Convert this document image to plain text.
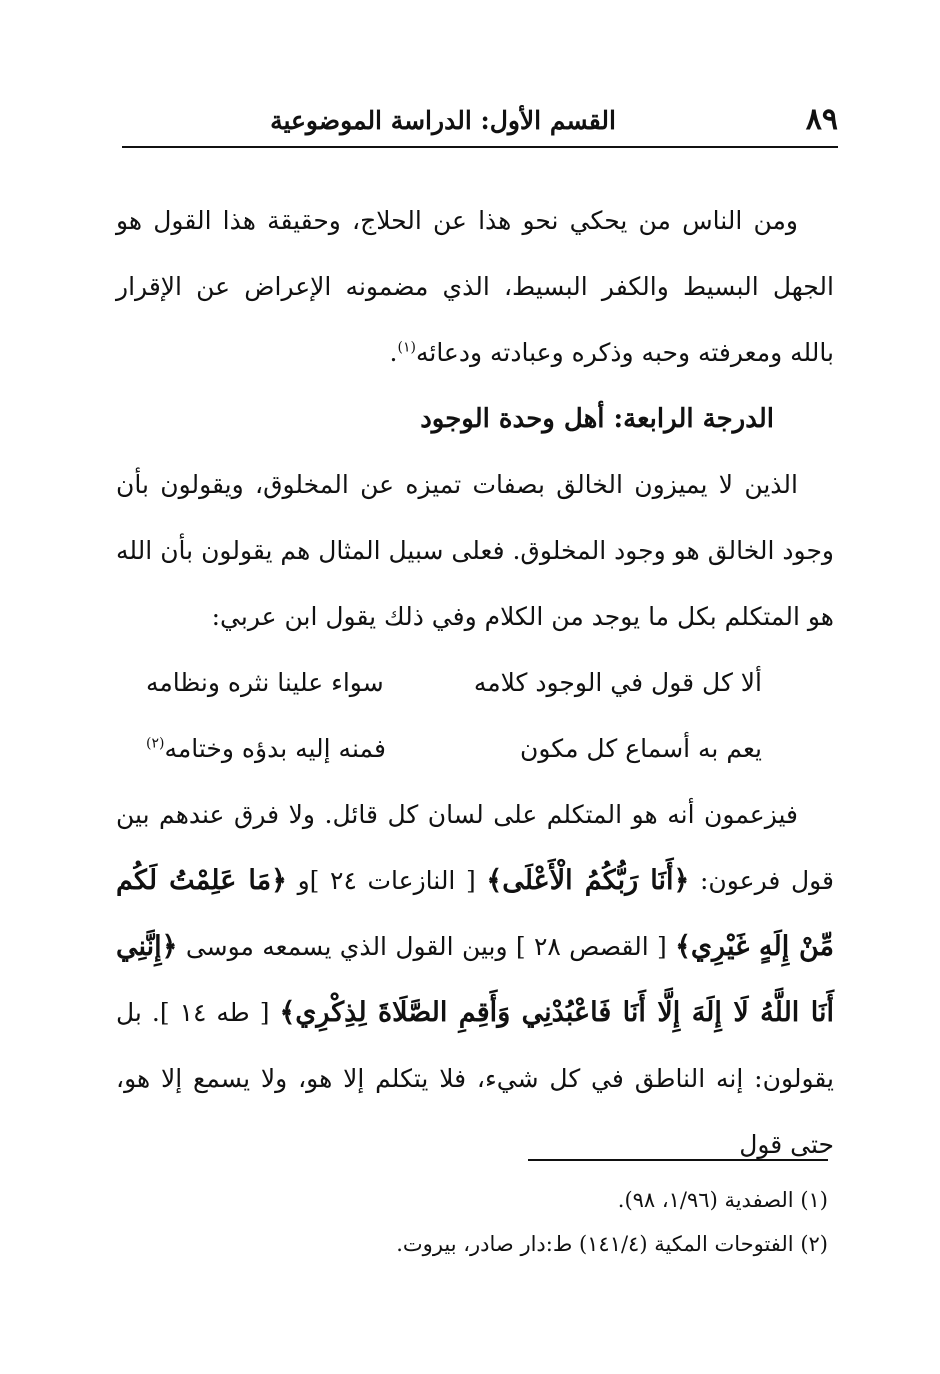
٨٩
القسم الأول: الدراسة الموضوعية

ومن الناس من يحكي نحو هذا عن الحلاج، وحقيقة هذا القول هو الجهل البسيط والكفر البسيط، الذي مضمونه الإعراض عن الإقرار بالله ومعرفته وحبه وذكره وعبادته ودعائه$^{(١)}$.

الدرجة الرابعة: أهل وحدة الوجود

الذين لا يميزون الخالق بصفات تميزه عن المخلوق، ويقولون بأن وجود الخالق هو وجود المخلوق. فعلى سبيل المثال هم يقولون بأن الله هو المتكلم بكل ما يوجد من الكلام وفي ذلك يقول ابن عربي:

ألا كل قول في الوجود كلامه
سواء علينا نثره ونظامه

يعم به أسماع كل مكون
فمنه إليه بدؤه وختامه$^{(٢)}$

فيزعمون أنه هو المتكلم على لسان كل قائل. ولا فرق عندهم بين قول فرعون: ﴿أَنَا رَبُّكُمُ الْأَعْلَى﴾ [ النازعات ٢٤ ]و ﴿مَا عَلِمْتُ لَكُم مِّنْ إِلَهٍ غَيْرِي﴾ [ القصص ٢٨ ] وبين القول الذي يسمعه موسى ﴿إِنَّنِي أَنَا اللَّهُ لَا إِلَهَ إِلَّا أَنَا فَاعْبُدْنِي وَأَقِمِ الصَّلَاةَ لِذِكْرِي﴾ [ طه ١٤ ]. بل يقولون: إنه الناطق في كل شيء، فلا يتكلم إلا هو، ولا يسمع إلا هو، حتى قول

(١) الصفدية (١/٩٦، ٩٨).

(٢) الفتوحات المكية (١٤١/٤) ط:دار صادر، بيروت.
